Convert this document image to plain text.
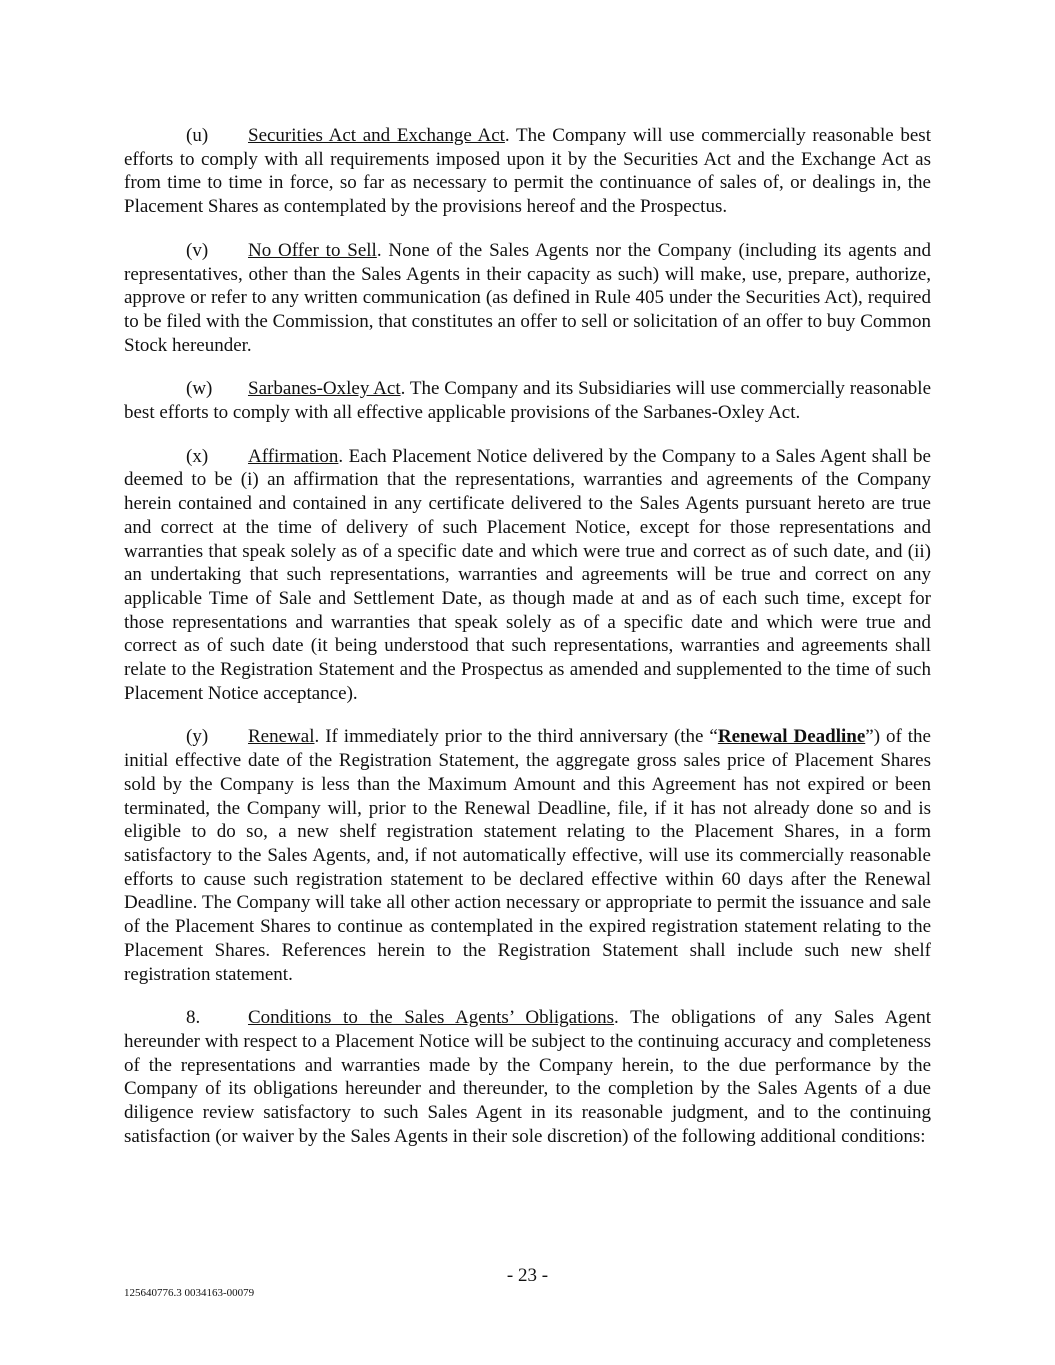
(u) Securities Act and Exchange Act. The Company will use commercially reasonable best efforts to comply with all requirements imposed upon it by the Securities Act and the Exchange Act as from time to time in force, so far as necessary to permit the continuance of sales of, or dealings in, the Placement Shares as contemplated by the provisions hereof and the Prospectus.

(v) No Offer to Sell. None of the Sales Agents nor the Company (including its agents and representatives, other than the Sales Agents in their capacity as such) will make, use, prepare, authorize, approve or refer to any written communication (as defined in Rule 405 under the Securities Act), required to be filed with the Commission, that constitutes an offer to sell or solicitation of an offer to buy Common Stock hereunder.

(w) Sarbanes-Oxley Act. The Company and its Subsidiaries will use commercially reasonable best efforts to comply with all effective applicable provisions of the Sarbanes-Oxley Act.

(x) Affirmation. Each Placement Notice delivered by the Company to a Sales Agent shall be deemed to be (i) an affirmation that the representations, warranties and agreements of the Company herein contained and contained in any certificate delivered to the Sales Agents pursuant hereto are true and correct at the time of delivery of such Placement Notice, except for those representations and warranties that speak solely as of a specific date and which were true and correct as of such date, and (ii) an undertaking that such representations, warranties and agreements will be true and correct on any applicable Time of Sale and Settlement Date, as though made at and as of each such time, except for those representations and warranties that speak solely as of a specific date and which were true and correct as of such date (it being understood that such representations, warranties and agreements shall relate to the Registration Statement and the Prospectus as amended and supplemented to the time of such Placement Notice acceptance).

(y) Renewal. If immediately prior to the third anniversary (the “Renewal Deadline”) of the initial effective date of the Registration Statement, the aggregate gross sales price of Placement Shares sold by the Company is less than the Maximum Amount and this Agreement has not expired or been terminated, the Company will, prior to the Renewal Deadline, file, if it has not already done so and is eligible to do so, a new shelf registration statement relating to the Placement Shares, in a form satisfactory to the Sales Agents, and, if not automatically effective, will use its commercially reasonable efforts to cause such registration statement to be declared effective within 60 days after the Renewal Deadline. The Company will take all other action necessary or appropriate to permit the issuance and sale of the Placement Shares to continue as contemplated in the expired registration statement relating to the Placement Shares. References herein to the Registration Statement shall include such new shelf registration statement.

8.	Conditions to the Sales Agents’ Obligations. The obligations of any Sales Agent hereunder with respect to a Placement Notice will be subject to the continuing accuracy and completeness of the representations and warranties made by the Company herein, to the due performance by the Company of its obligations hereunder and thereunder, to the completion by the Sales Agents of a due diligence review satisfactory to such Sales Agent in its reasonable judgment, and to the continuing satisfaction (or waiver by the Sales Agents in their sole discretion) of the following additional conditions:

- 23 -
125640776.3 0034163-00079
